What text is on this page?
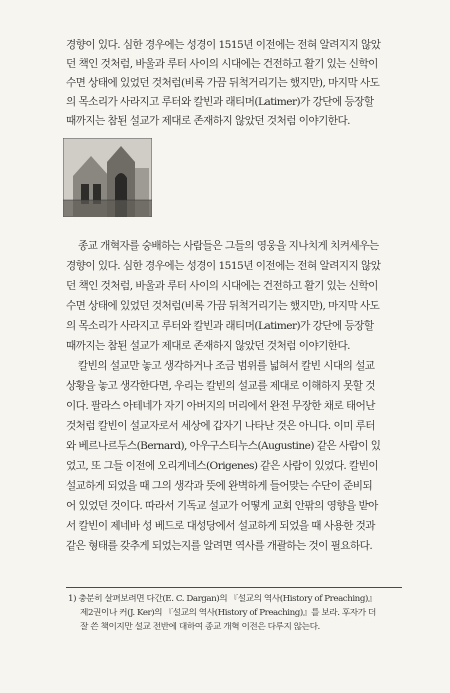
경향이 있다. 심한 경우에는 성경이 1515년 이전에는 전혀 알려지지 않았
던 책인 것처럼, 바울과 루터 사이의 시대에는 건전하고 활기 있는 신학이
수면 상태에 있었던 것처럼(비록 가끔 뒤척거리기는 했지만), 마지막 사도
의 목소리가 사라지고 루터와 칼빈과 래티머(Latimer)가 강단에 등장할
때까지는 참된 설교가 제대로 존재하지 않았던 것처럼 이야기한다.
종교 개혁자를 숭배하는 사람들은 그들의 영웅을 지나치게 치켜세우는
경향이 있다. 심한 경우에는 성경이 1515년 이전에는 전혀 알려지지 않았
던 책인 것처럼, 바울과 루터 사이의 시대에는 건전하고 활기 있는 신학이
수면 상태에 있었던 것처럼(비록 가끔 뒤척거리기는 했지만), 마지막 사도
의 목소리가 사라지고 루터와 칼빈과 래티머(Latimer)가 강단에 등장할
때까지는 참된 설교가 제대로 존재하지 않았던 것처럼 이야기한다.
칼빈의 설교만 놓고 생각하거나 조금 범위를 넓혀서 칼빈 시대의 설교
상황을 놓고 생각한다면, 우리는 칼빈의 설교를 제대로 이해하지 못할 것
이다. 팔라스 아테네가 자기 아버지의 머리에서 완전 무장한 채로 태어난
것처럼 칼빈이 설교자로서 세상에 갑자기 나타난 것은 아니다. 이미 루터
와 베르나르두스(Bernard), 아우구스티누스(Augustine) 같은 사람이 있
었고, 또 그들 이전에 오리게네스(Origenes) 같은 사람이 있었다. 칼빈이
설교하게 되었을 때 그의 생각과 뜻에 완벽하게 들어맞는 수단이 준비되
어 있었던 것이다. 따라서 기독교 설교가 어떻게 교회 안팎의 영향을 받아
서 칼빈이 제네바 성 베드로 대성당에서 설교하게 되었을 때 사용한 것과
같은 형태를 갖추게 되었는지를 알려면 역사를 개괄하는 것이 필요하다.
1) 충분히 살펴보려면 다간(E. C. Dargan)의 『설교의 역사(History of Preaching)』
제2권이나 커(J. Ker)의 『설교의 역사(History of Preaching)』를 보라. 후자가 더
잘 쓴 책이지만 설교 전반에 대하여 종교 개혁 이전은 다루지 않는다.
